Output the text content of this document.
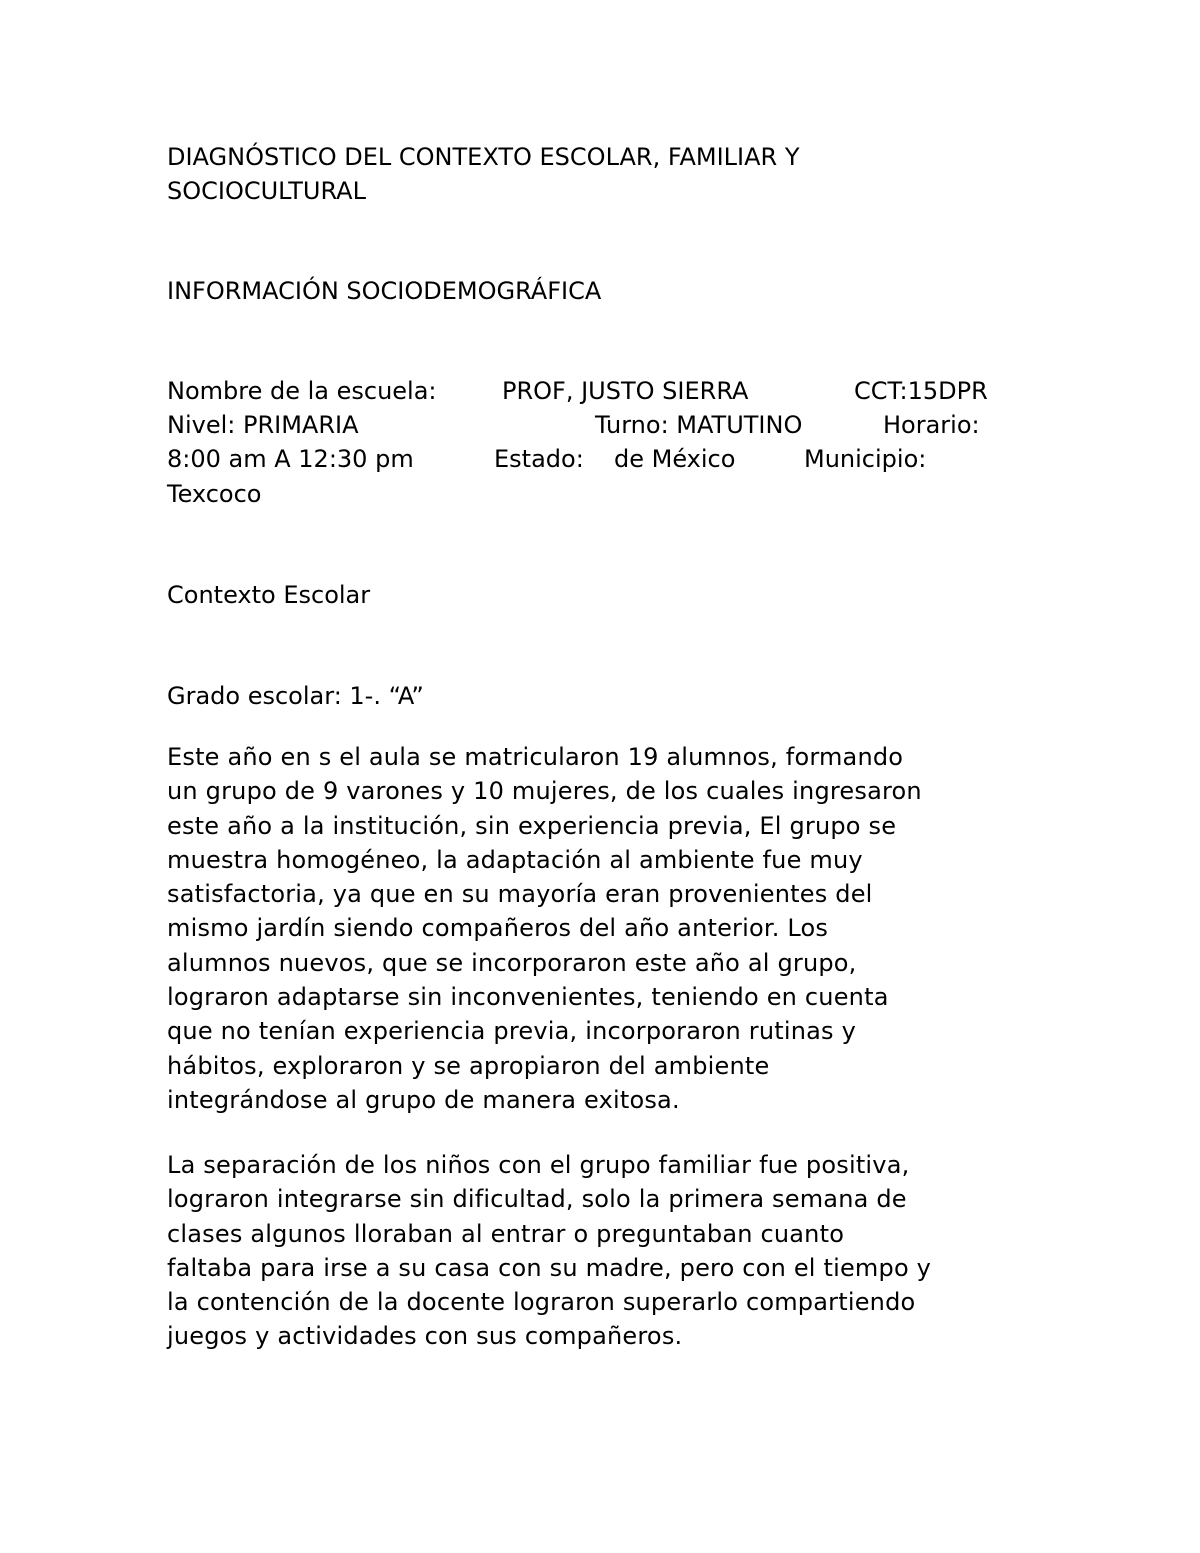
DIAGNÓSTICO DEL CONTEXTO ESCOLAR, FAMILIAR Y
SOCIOCULTURAL
INFORMACIÓN SOCIODEMOGRÁFICA
Nombre de la escuela:	PROF, JUSTO SIERRA	CCT:15DPR
Nivel: PRIMARIA	Turno: MATUTINO	Horario:
8:00 am A 12:30 pm	Estado: de México	Municipio:
Texcoco
Contexto Escolar
Grado escolar: 1-. “A”

Este año en s el aula se matricularon 19 alumnos, formando
un grupo de 9 varones y 10 mujeres, de los cuales ingresaron
este año a la institución, sin experiencia previa, El grupo se
muestra homogéneo, la adaptación al ambiente fue muy
satisfactoria, ya que en su mayoría eran provenientes del
mismo jardín siendo compañeros del año anterior. Los
alumnos nuevos, que se incorporaron este año al grupo,
lograron adaptarse sin inconvenientes, teniendo en cuenta
que no tenían experiencia previa, incorporaron rutinas y
hábitos, exploraron y se apropiaron del ambiente
integrándose al grupo de manera exitosa.

La separación de los niños con el grupo familiar fue positiva,
lograron integrarse sin dificultad, solo la primera semana de
clases algunos lloraban al entrar o preguntaban cuanto
faltaba para irse a su casa con su madre, pero con el tiempo y
la contención de la docente lograron superarlo compartiendo
juegos y actividades con sus compañeros.
